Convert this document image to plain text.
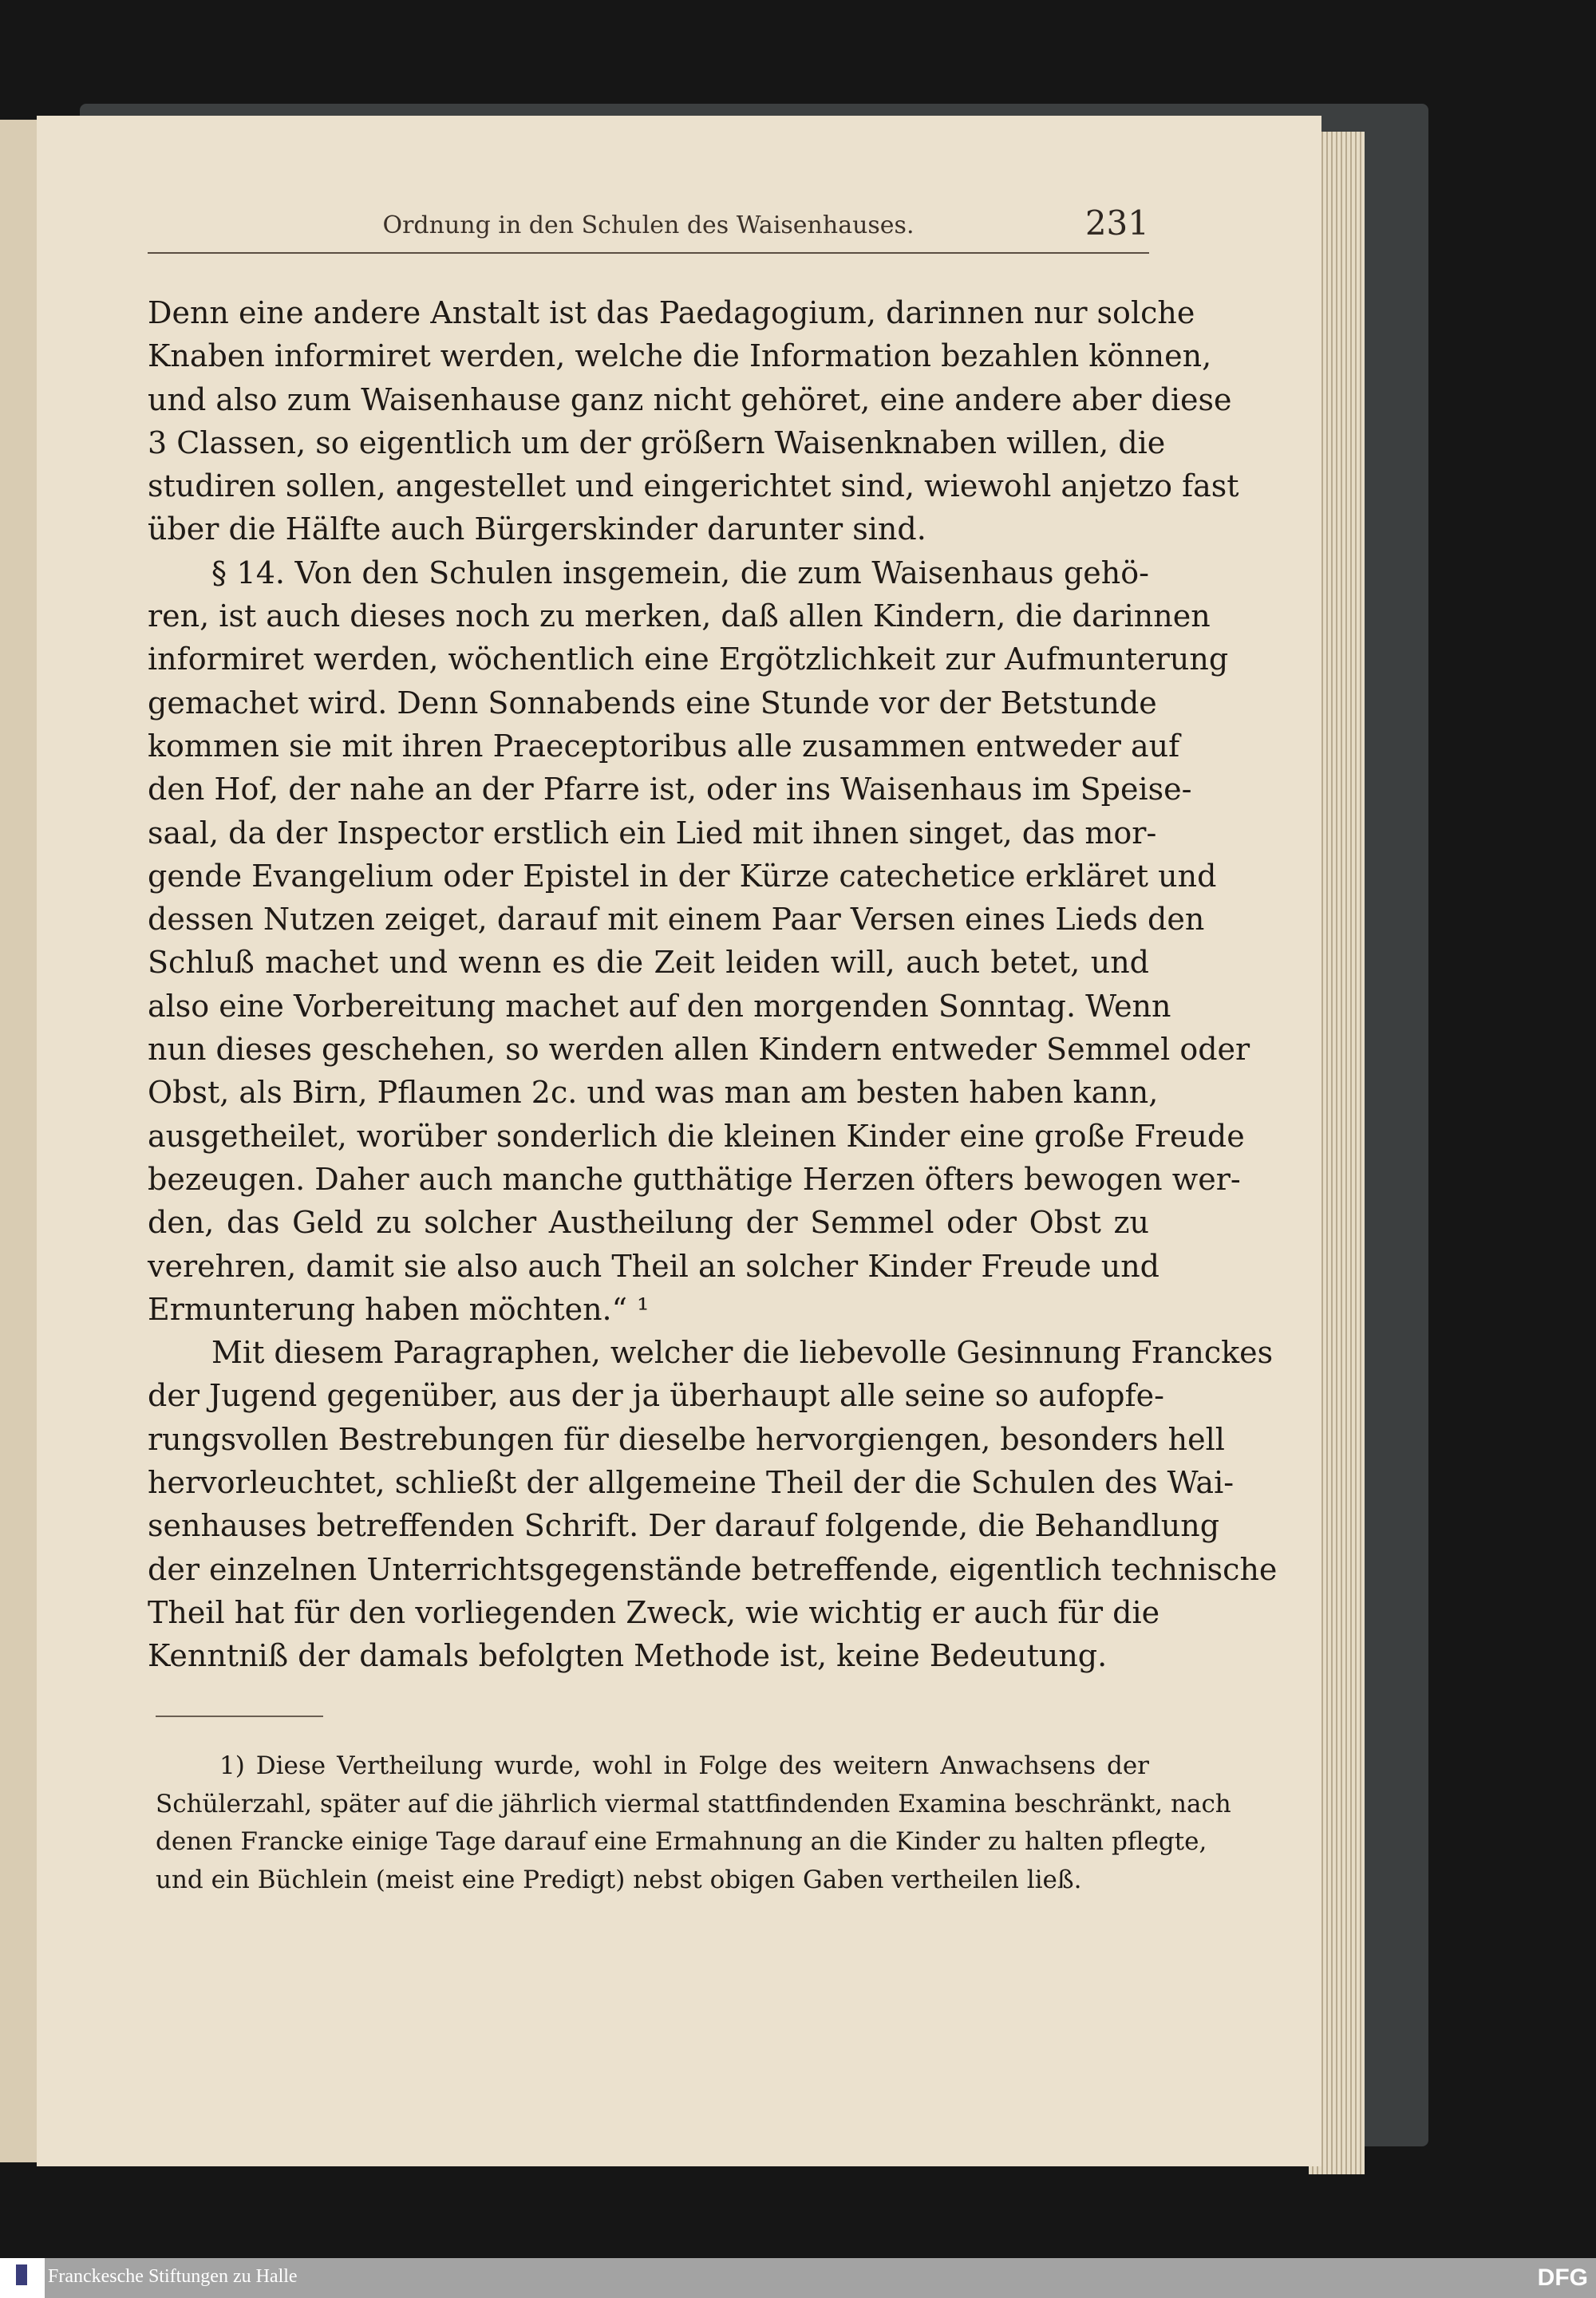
Ordnung in den Schulen des Waisenhauses.	231
Denn eine andere Anstalt ist das Paedagogium, darinnen nur solche
Knaben informiret werden, welche die Information bezahlen können,
und also zum Waisenhause ganz nicht gehöret, eine andere aber diese
3 Classen, so eigentlich um der größern Waisenknaben willen, die
studiren sollen, angestellet und eingerichtet sind, wiewohl anjetzo fast
über die Hälfte auch Bürgerskinder darunter sind.
§ 14. Von den Schulen insgemein, die zum Waisenhaus gehö-
ren, ist auch dieses noch zu merken, daß allen Kindern, die darinnen
informiret werden, wöchentlich eine Ergötzlichkeit zur Aufmunterung
gemachet wird. Denn Sonnabends eine Stunde vor der Betstunde
kommen sie mit ihren Praeceptoribus alle zusammen entweder auf
den Hof, der nahe an der Pfarre ist, oder ins Waisenhaus im Speise-
saal, da der Inspector erstlich ein Lied mit ihnen singet, das mor-
gende Evangelium oder Epistel in der Kürze catechetice erkläret und
dessen Nutzen zeiget, darauf mit einem Paar Versen eines Lieds den
Schluß machet und wenn es die Zeit leiden will, auch betet, und
also eine Vorbereitung machet auf den morgenden Sonntag. Wenn
nun dieses geschehen, so werden allen Kindern entweder Semmel oder
Obst, als Birn, Pflaumen 2c. und was man am besten haben kann,
ausgetheilet, worüber sonderlich die kleinen Kinder eine große Freude
bezeugen. Daher auch manche gutthätige Herzen öfters bewogen wer-
den, das Geld zu solcher Austheilung der Semmel oder Obst zu
verehren, damit sie also auch Theil an solcher Kinder Freude und
Ermunterung haben möchten.“ ¹
Mit diesem Paragraphen, welcher die liebevolle Gesinnung Franckes
der Jugend gegenüber, aus der ja überhaupt alle seine so aufopfe-
rungsvollen Bestrebungen für dieselbe hervorgiengen, besonders hell
hervorleuchtet, schließt der allgemeine Theil der die Schulen des Wai-
senhauses betreffenden Schrift. Der darauf folgende, die Behandlung
der einzelnen Unterrichtsgegenstände betreffende, eigentlich technische
Theil hat für den vorliegenden Zweck, wie wichtig er auch für die
Kenntniß der damals befolgten Methode ist, keine Bedeutung.
1) Diese Vertheilung wurde, wohl in Folge des weitern Anwachsens der
Schülerzahl, später auf die jährlich viermal stattfindenden Examina beschränkt, nach
denen Francke einige Tage darauf eine Ermahnung an die Kinder zu halten pflegte,
und ein Büchlein (meist eine Predigt) nebst obigen Gaben vertheilen ließ.
Franckesche Stiftungen zu Halle	DFG
